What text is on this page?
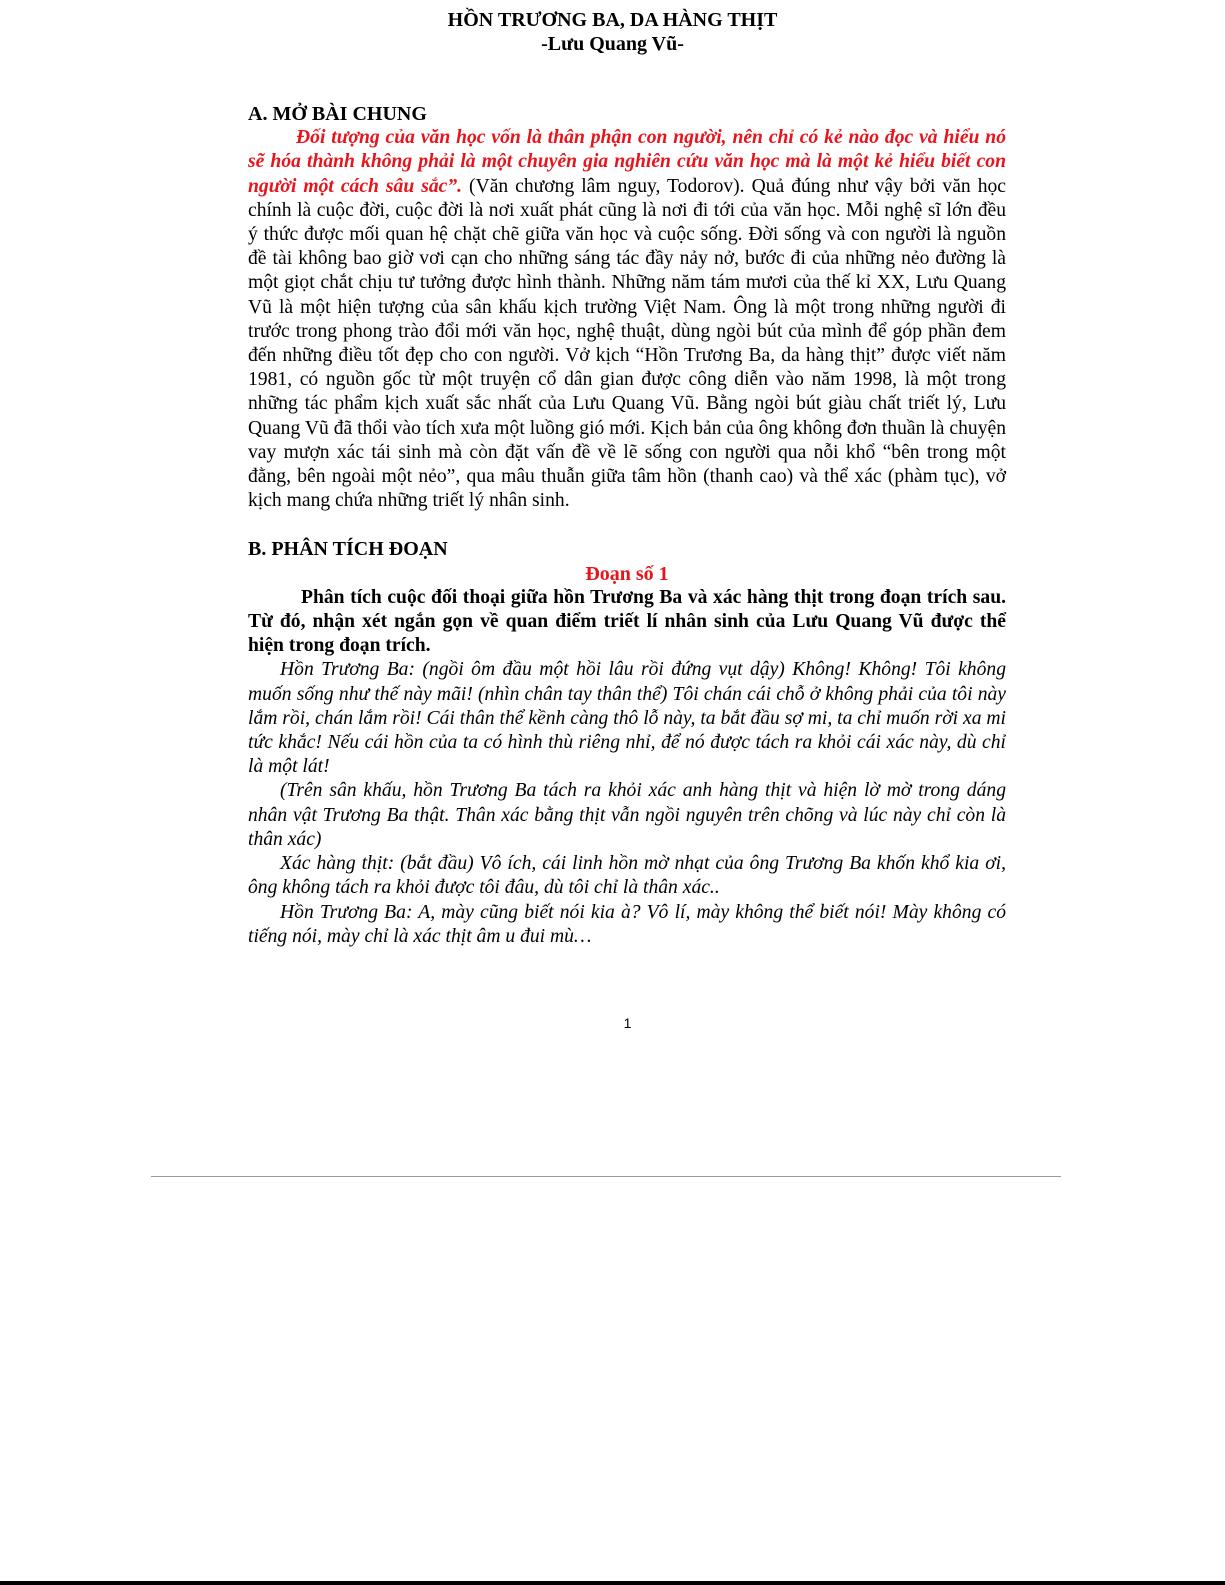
HỒN TRƯƠNG BA, DA HÀNG THỊT
-Lưu Quang Vũ-

A. MỞ BÀI CHUNG

Đối tượng của văn học vốn là thân phận con người, nên chỉ có kẻ nào đọc và hiểu nó sẽ hóa thành không phải là một chuyên gia nghiên cứu văn học mà là một kẻ hiểu biết con người một cách sâu sắc”. (Văn chương lâm nguy, Todorov). Quả đúng như vậy bởi văn học chính là cuộc đời, cuộc đời là nơi xuất phát cũng là nơi đi tới của văn học. Mỗi nghệ sĩ lớn đều ý thức được mối quan hệ chặt chẽ giữa văn học và cuộc sống. Đời sống và con người là nguồn đề tài không bao giờ vơi cạn cho những sáng tác đầy nảy nở, bước đi của những nẻo đường là một giọt chắt chịu tư tưởng được hình thành. Những năm tám mươi của thế kỉ XX, Lưu Quang Vũ là một hiện tượng của sân khấu kịch trường Việt Nam. Ông là một trong những người đi trước trong phong trào đổi mới văn học, nghệ thuật, dùng ngòi bút của mình để góp phần đem đến những điều tốt đẹp cho con người. Vở kịch “Hồn Trương Ba, da hàng thịt” được viết năm 1981, có nguồn gốc từ một truyện cổ dân gian được công diễn vào năm 1998, là một trong những tác phẩm kịch xuất sắc nhất của Lưu Quang Vũ. Bằng ngòi bút giàu chất triết lý, Lưu Quang Vũ đã thổi vào tích xưa một luồng gió mới. Kịch bản của ông không đơn thuần là chuyện vay mượn xác tái sinh mà còn đặt vấn đề về lẽ sống con người qua nỗi khổ “bên trong một đằng, bên ngoài một nẻo”, qua mâu thuẫn giữa tâm hồn (thanh cao) và thể xác (phàm tục), vở kịch mang chứa những triết lý nhân sinh.

B. PHÂN TÍCH ĐOẠN

Đoạn số 1

Phân tích cuộc đối thoại giữa hồn Trương Ba và xác hàng thịt trong đoạn trích sau. Từ đó, nhận xét ngắn gọn về quan điểm triết lí nhân sinh của Lưu Quang Vũ được thể hiện trong đoạn trích.

Hồn Trương Ba: (ngồi ôm đầu một hồi lâu rồi đứng vụt dậy) Không! Không! Tôi không muốn sống như thế này mãi! (nhìn chân tay thân thể) Tôi chán cái chỗ ở không phải của tôi này lắm rồi, chán lắm rồi! Cái thân thể kềnh càng thô lỗ này, ta bắt đầu sợ mi, ta chỉ muốn rời xa mi tức khắc! Nếu cái hồn của ta có hình thù riêng nhỉ, để nó được tách ra khỏi cái xác này, dù chỉ là một lát!

(Trên sân khấu, hồn Trương Ba tách ra khỏi xác anh hàng thịt và hiện lờ mờ trong dáng nhân vật Trương Ba thật. Thân xác bằng thịt vẫn ngồi nguyên trên chõng và lúc này chỉ còn là thân xác)

Xác hàng thịt: (bắt đầu) Vô ích, cái linh hồn mờ nhạt của ông Trương Ba khốn khổ kia ơi, ông không tách ra khỏi được tôi đâu, dù tôi chỉ là thân xác..

Hồn Trương Ba: A, mày cũng biết nói kia à? Vô lí, mày không thể biết nói! Mày không có tiếng nói, mày chỉ là xác thịt âm u đui mù…

1
